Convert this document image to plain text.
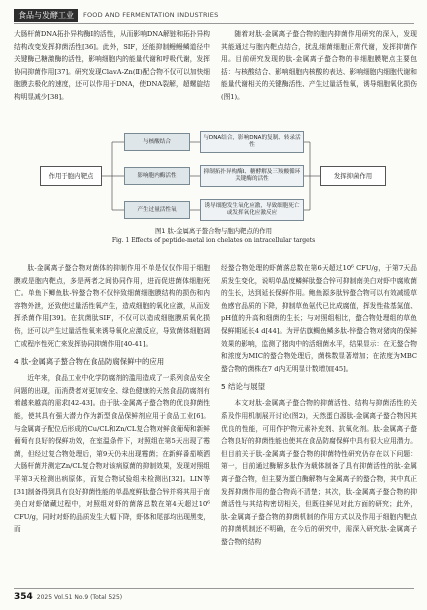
食品与发酵工业	FOOD AND FERMENTATION INDUSTRIES

大肠杆菌DNA拓扑异构酶Ⅰ的活性，从而影响DNA解链和拓扑异构结构改变发挥抑菌活性[36]。此外，SIF，还能抑制鳗鳗鳞道径中关键酶己糖激酶的活性，影响细胞内的能量代谢和呼吸代谢，发挥协同抑菌作用[37]。研究发现ClavA-Zn(Ⅱ)配合物不仅可以加快细胞膜去极化的速度，还可以作用于DNA，使DNA裂解，超螺旋结构明显减少[38]。

随着对肽-金属离子螯合物的胞内抑菌作用研究的深入，发现其能通过与胞内靶点结合，扰乱细菌细胞正常代谢，发挥抑菌作用。目前研究发现的肽-金属离子螯合物的非细胞膜靶点主要包括：与核酸结合、影响细胞内核酸的表达、影响细胞内细胞代谢和能量代谢相关的关键酶活性、产生过量活性氧，诱导细胞氧化损伤(图1)。

作用于胞内靶点
与核酸结合
影响胞内酶活性
产生过量活性氧
与DNA结合，影响DNA的复制、转录活性
抑制拓扑异构酶Ⅰ、糖酵解及三羧酸循环关键酶的活性
诱导细胞发生氧化应激，导致细胞死亡或发挥氧化应激反应
发挥抑菌作用
图1 肽-金属离子螯合物与胞内靶点的作用
Fig. 1 Effects of peptide-metal ion chelates on intracellular targets

肽-金属离子螯合物对菌体的抑制作用不单是仅仅作用于细胞膜或是胞内靶点，多是两者之间协同作用，进而促进菌体细胞死亡。单鱼下鲫鱼肽-锌螯合物不仅锌致细菌细胞膜结构的损伤和内容物外泄，还致使过量活性氧产生，造成细胞的氧化应激，从而发挥杀菌作用[39]。在抗菌肽SIF，不仅可以造成细胞膜质氧化损伤，还可以产生过量活性氧来诱导氧化应激反应，导致菌体细胞凋亡或程序性死亡来发挥协同抑菌作用[40-41]。

4 肽-金属离子螯合物在食品防腐保鲜中的应用

近年来，食品工业中化学防腐剂的滥用造成了一系列食品安全问题的出现，而消费者对更加安全、绿色健康的天然食品防腐剂有着越来越高的需求[42-43]。由于肽-金属离子螯合物的优良抑菌性能，使其具有强大潜力作为新型食品保鲜剂应用于食品工业[6]。与金属离子配位后形成的Cu/CL和Zn/CL复合物对鲜食葡萄和新鲜葡萄有良好的保鲜功效，在室温条件下，对照组在第5天出现了霉菌，但经过复合物处理后，第9天仍未出现霉菌；在新鲜番茄喷洒大肠杆菌并测定Zn/CL复合物对该病原菌的抑制效果，发现对照组平第3天检测出病原体，而复合物试验组未检测出[32]。LIN等[31]制备得到具有良好抑菌性能的单晶度鲜肽螯合锌并将其用于南美白对虾储藏过程中，对照组对虾的菌落总数在第4天超过10⁶ CFU/g，同时对虾的品质发生大幅下降，虾体和尾部均出现黑变，而

经螯合物处理的虾菌落总数在第6天超过10⁶ CFU/g，于第7天品质发生变化，说明单晶度鳞鲜肽螯合锌可抑制南美白对虾中腐败菌的生长，达到延长保鲜作用。鲍鱼源多肽锌螯合物可以有效减缓草鱼感官品质的下降，抑制草鱼氨代已比成腐值，挥发性盐基氮值、pH值的升高和细菌的生长；与对照组相比，螯合物处理组的草鱼保鲜期延长4 d[44]。为评估旗鲷鱼鳞多肽-锌螯合物对猪肉的保鲜效果的影响，监测了猪肉中的活细菌水平，结果显示：在无螯合物和浓度为MIC的螯合物处理后，菌株数显著增加；在浓度为MBC螯合物的菌株在7 d内无明显计数增加[45]。

5 结论与展望

本文对肽-金属离子螯合物的抑菌活性、结构与抑菌活性的关系及作用机制展开讨论(图2)，天然蛋白源肽-金属离子螯合物因其优良的性能，可用作护物元素补充剂、抗氧化剂。肽-金属离子螯合物良好的抑菌性能也使其在食品防腐保鲜中具有很大应用潜力。但目前关于肽-金属离子螯合物的抑菌特性研究仍存在以下问题：第一，目前通过酶解多肽作为载体制备了具有抑菌活性的肽-金属离子螯合物，但主要为蛋白酶解物与金属离子的螯合物，其中真正发挥抑菌作用的螯合物尚不清楚；其次，肽-金属离子螯合物的抑菌活性与其结构密切相关，但既往鲜见对此方面的研究；此外，肽-金属离子螯合物的抑菌机制的作用方式以及作用于细胞内靶点的抑菌机制还不明确，在今后的研究中，需深入研究肽-金属离子螯合物的结构

354 2025 Vol.51 No.9 (Total 525)
